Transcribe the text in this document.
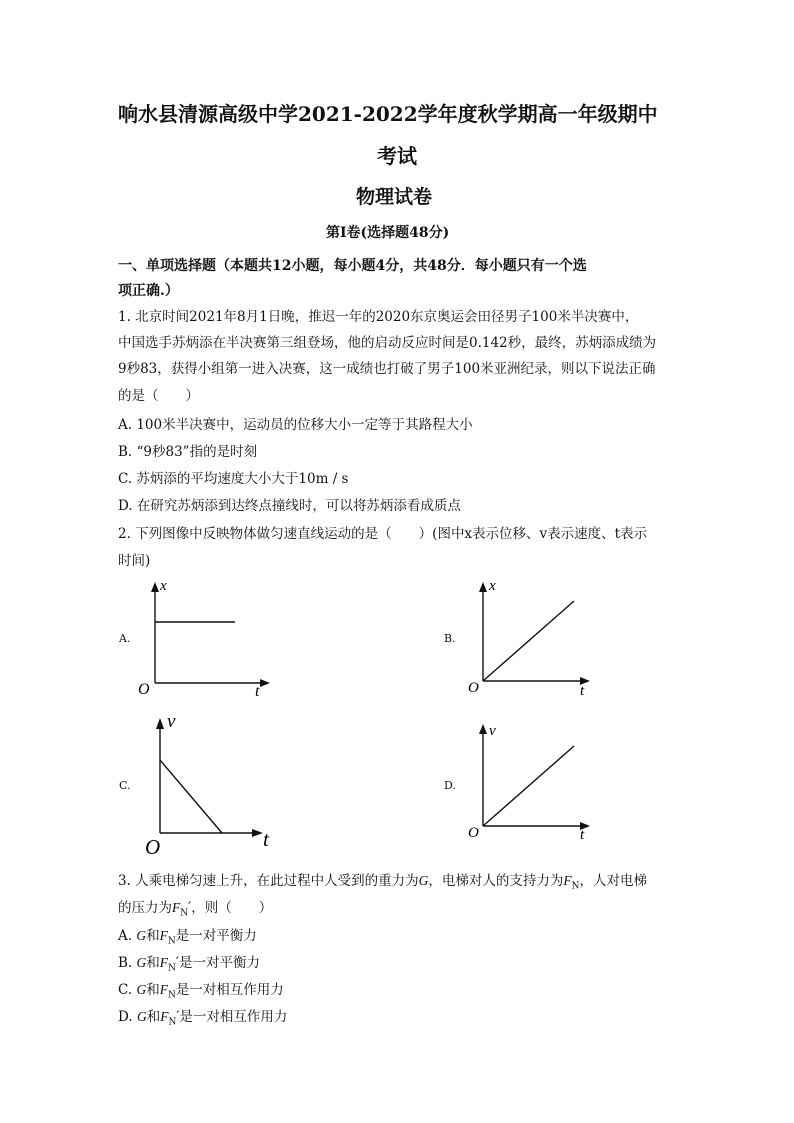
响水县清源高级中学2021-2022学年度秋学期高一年级期中
考试
物理试卷
第I卷(选择题48分)
一、单项选择题（本题共12小题，每小题4分，共48分．每小题只有一个选
项正确.）
1. 北京时间2021年8月1日晚，推迟一年的2020东京奥运会田径男子100米半决赛中，
中国选手苏炳添在半决赛第三组登场，他的启动反应时间是0.142秒，最终，苏炳添成绩为
9秒83，获得小组第一进入决赛，这一成绩也打破了男子100米亚洲纪录，则以下说法正确
的是（　　）
A. 100米半决赛中，运动员的位移大小一定等于其路程大小
B. “9秒83”指的是时刻
C. 苏炳添的平均速度大小大于10m / s
D. 在研究苏炳添到达终点撞线时，可以将苏炳添看成质点
2. 下列图像中反映物体做匀速直线运动的是（　　）(图中x表示位移、v表示速度、t表示
时间)
A.
x
t
O
B.
x
t
O
C.
v
t
O
D.
v
t
O
3. 人乘电梯匀速上升，在此过程中人受到的重力为G，电梯对人的支持力为$F_N$，人对电梯
的压力为$F_N'$，则（　　）
A. G和$F_N$是一对平衡力
B. G和$F_N'$是一对平衡力
C. G和$F_N$是一对相互作用力
D. G和$F_N'$是一对相互作用力
